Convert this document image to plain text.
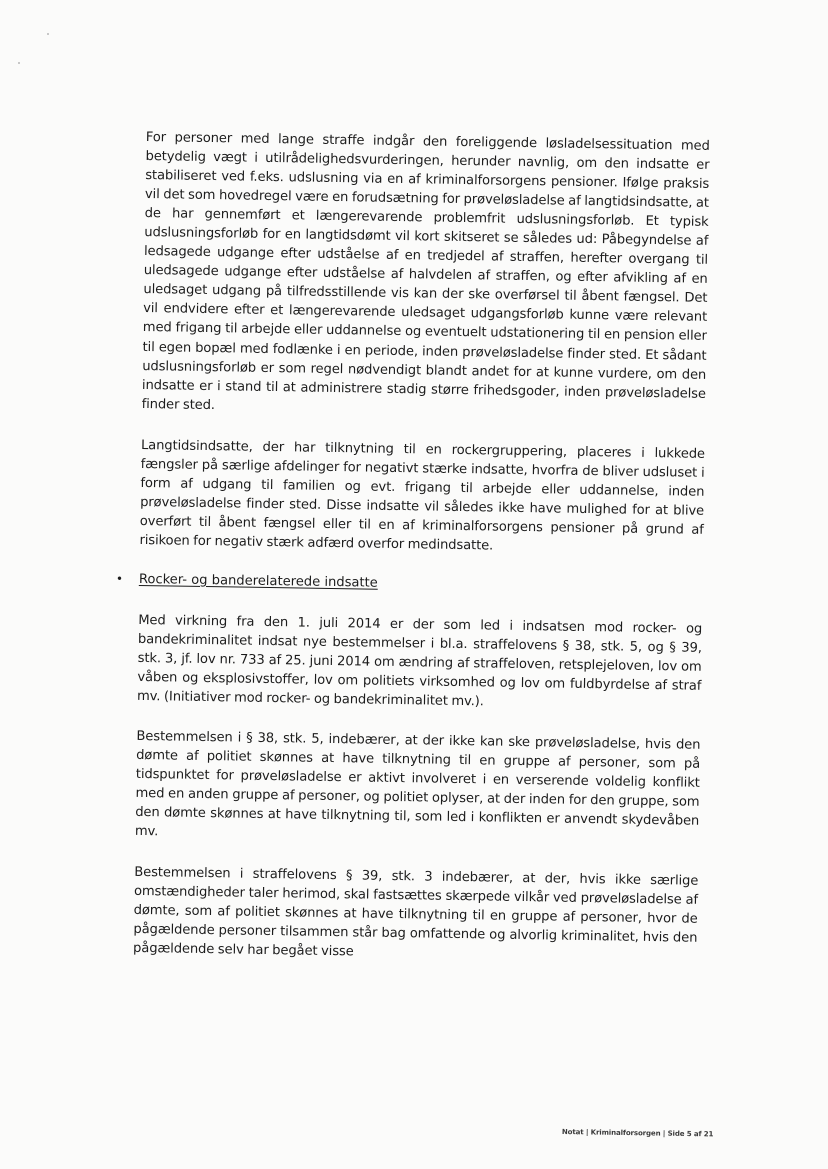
For personer med lange straffe indgår den foreliggende løsladelsessituation med betydelig vægt i utilrådelighedsvurderingen, herunder navnlig, om den indsatte er stabiliseret ved f.eks. udslusning via en af kriminalforsorgens pensioner. Ifølge praksis vil det som hovedregel være en forudsætning for prøveløsladelse af langtidsindsatte, at de har gennemført et længerevarende problemfrit udslusningsforløb. Et typisk udslusningsforløb for en langtidsdømt vil kort skitseret se således ud: Påbegyndelse af ledsagede udgange efter udståelse af en tredjedel af straffen, herefter overgang til uledsagede udgange efter udståelse af halvdelen af straffen, og efter afvikling af en uledsaget udgang på tilfredsstillende vis kan der ske overførsel til åbent fængsel. Det vil endvidere efter et længerevarende uledsaget udgangsforløb kunne være relevant med frigang til arbejde eller uddannelse og eventuelt udstationering til en pension eller til egen bopæl med fodlænke i en periode, inden prøveløsladelse finder sted. Et sådant udslusningsforløb er som regel nødvendigt blandt andet for at kunne vurdere, om den indsatte er i stand til at administrere stadig større frihedsgoder, inden prøveløsladelse finder sted.

Langtidsindsatte, der har tilknytning til en rockergruppering, placeres i lukkede fængsler på særlige afdelinger for negativt stærke indsatte, hvorfra de bliver udsluset i form af udgang til familien og evt. frigang til arbejde eller uddannelse, inden prøveløsladelse finder sted. Disse indsatte vil således ikke have mulighed for at blive overført til åbent fængsel eller til en af kriminalforsorgens pensioner på grund af risikoen for negativ stærk adfærd overfor medindsatte.

• Rocker- og banderelaterede indsatte

Med virkning fra den 1. juli 2014 er der som led i indsatsen mod rocker- og bandekriminalitet indsat nye bestemmelser i bl.a. straffelovens § 38, stk. 5, og § 39, stk. 3, jf. lov nr. 733 af 25. juni 2014 om ændring af straffeloven, retsplejeloven, lov om våben og eksplosivstoffer, lov om politiets virksomhed og lov om fuldbyrdelse af straf mv. (Initiativer mod rocker- og bandekriminalitet mv.).

Bestemmelsen i § 38, stk. 5, indebærer, at der ikke kan ske prøveløsladelse, hvis den dømte af politiet skønnes at have tilknytning til en gruppe af personer, som på tidspunktet for prøveløsladelse er aktivt involveret i en verserende voldelig konflikt med en anden gruppe af personer, og politiet oplyser, at der inden for den gruppe, som den dømte skønnes at have tilknytning til, som led i konflikten er anvendt skydevåben mv.

Bestemmelsen i straffelovens § 39, stk. 3 indebærer, at der, hvis ikke særlige omstændigheder taler herimod, skal fastsættes skærpede vilkår ved prøveløsladelse af dømte, som af politiet skønnes at have tilknytning til en gruppe af personer, hvor de pågældende personer tilsammen står bag omfattende og alvorlig kriminalitet, hvis den pågældende selv har begået visse

Notat | Kriminalforsorgen | Side 5 af 21
